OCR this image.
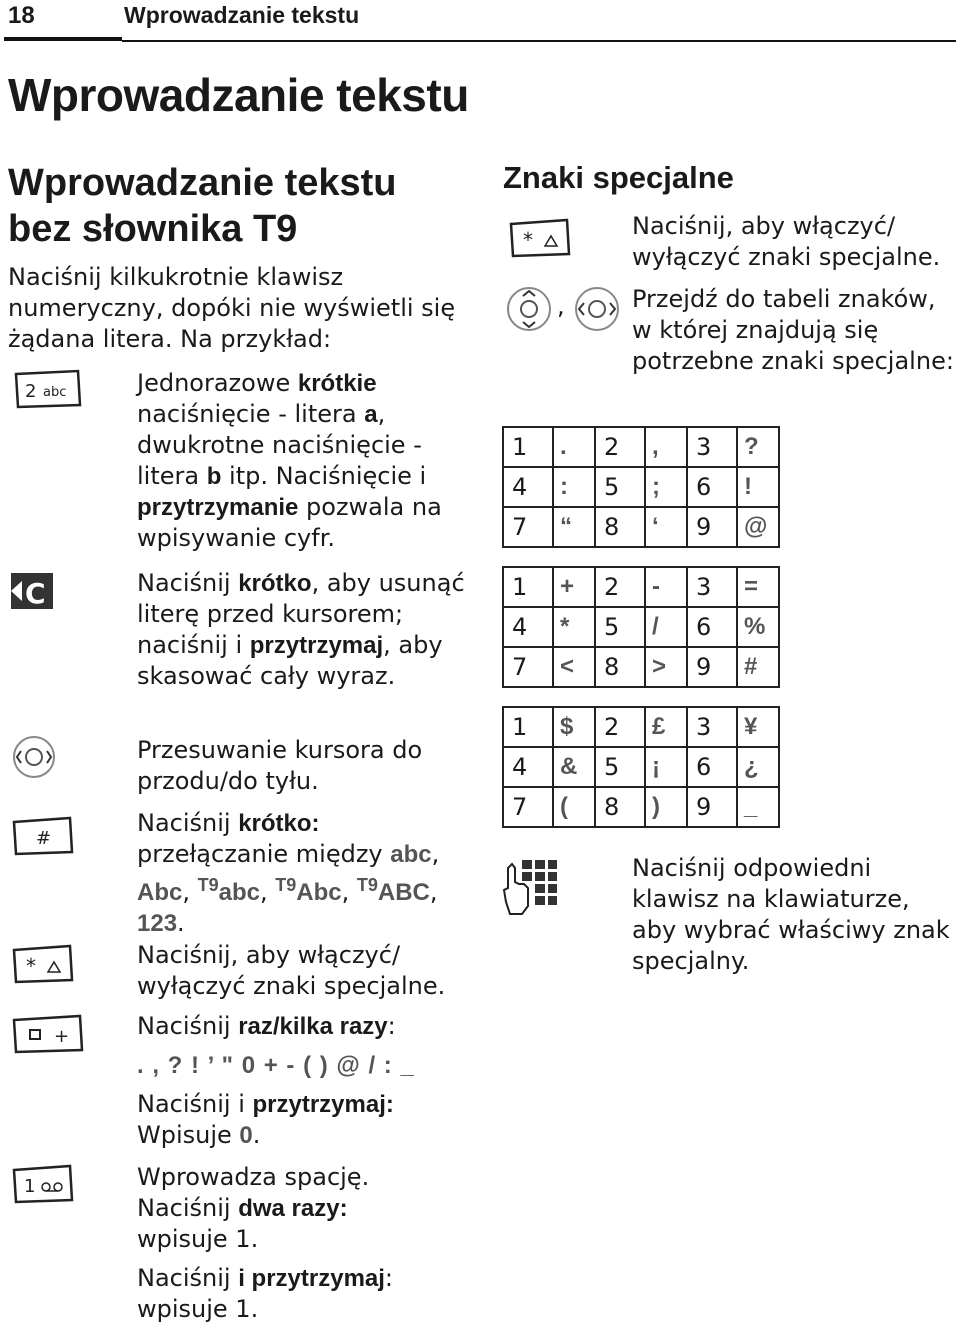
18	Wprowadzanie tekstu
Wprowadzanie tekstu
Wprowadzanie tekstu
bez słownika T9
Naciśnij kilkukrotnie klawisz numeryczny, dopóki nie wyświetli się żądana litera. Na przykład:
2 abc	Jednorazowe krótkie naciśnięcie - litera a, dwukrotne naciśnięcie - litera b itp. Naciśnięcie i przytrzymanie pozwala na wpisywanie cyfr.
C	Naciśnij krótko, aby usunąć literę przed kursorem; naciśnij i przytrzymaj, aby skasować cały wyraz.
Przesuwanie kursora do przodu/do tyłu.
#
Naciśnij krótko: przełączanie między abc, Abc, $^{T9}$abc, $^{T9}$Abc, $^{T9}$ABC, 123.
*	Naciśnij, aby włączyć/ wyłączyć znaki specjalne.
+	Naciśnij raz/kilka razy:
. , ? ! ’ " 0 + - ( ) @ / : _
Naciśnij i przytrzymaj:
Wpisuje 0.
1	Wprowadza spację.
Naciśnij dwa razy:
wpisuje 1.
Naciśnij i przytrzymaj:
wpisuje 1.
Znaki specjalne
*	Naciśnij, aby włączyć/ wyłączyć znaki specjalne.
,	Przejdź do tabeli znaków, w której znajdują się potrzebne znaki specjalne:
1	.	2	,	3	?
4	:	5	;	6	!
7	“	8	‘	9	@
1	+	2	-	3	=
4	*	5	/	6	%
7	<	8	>	9	#
1	$	2	£	3	¥
4	&	5	¡	6	¿
7	(	8	)	9	_
Naciśnij odpowiedni klawisz na klawiaturze, aby wybrać właściwy znak specjalny.
